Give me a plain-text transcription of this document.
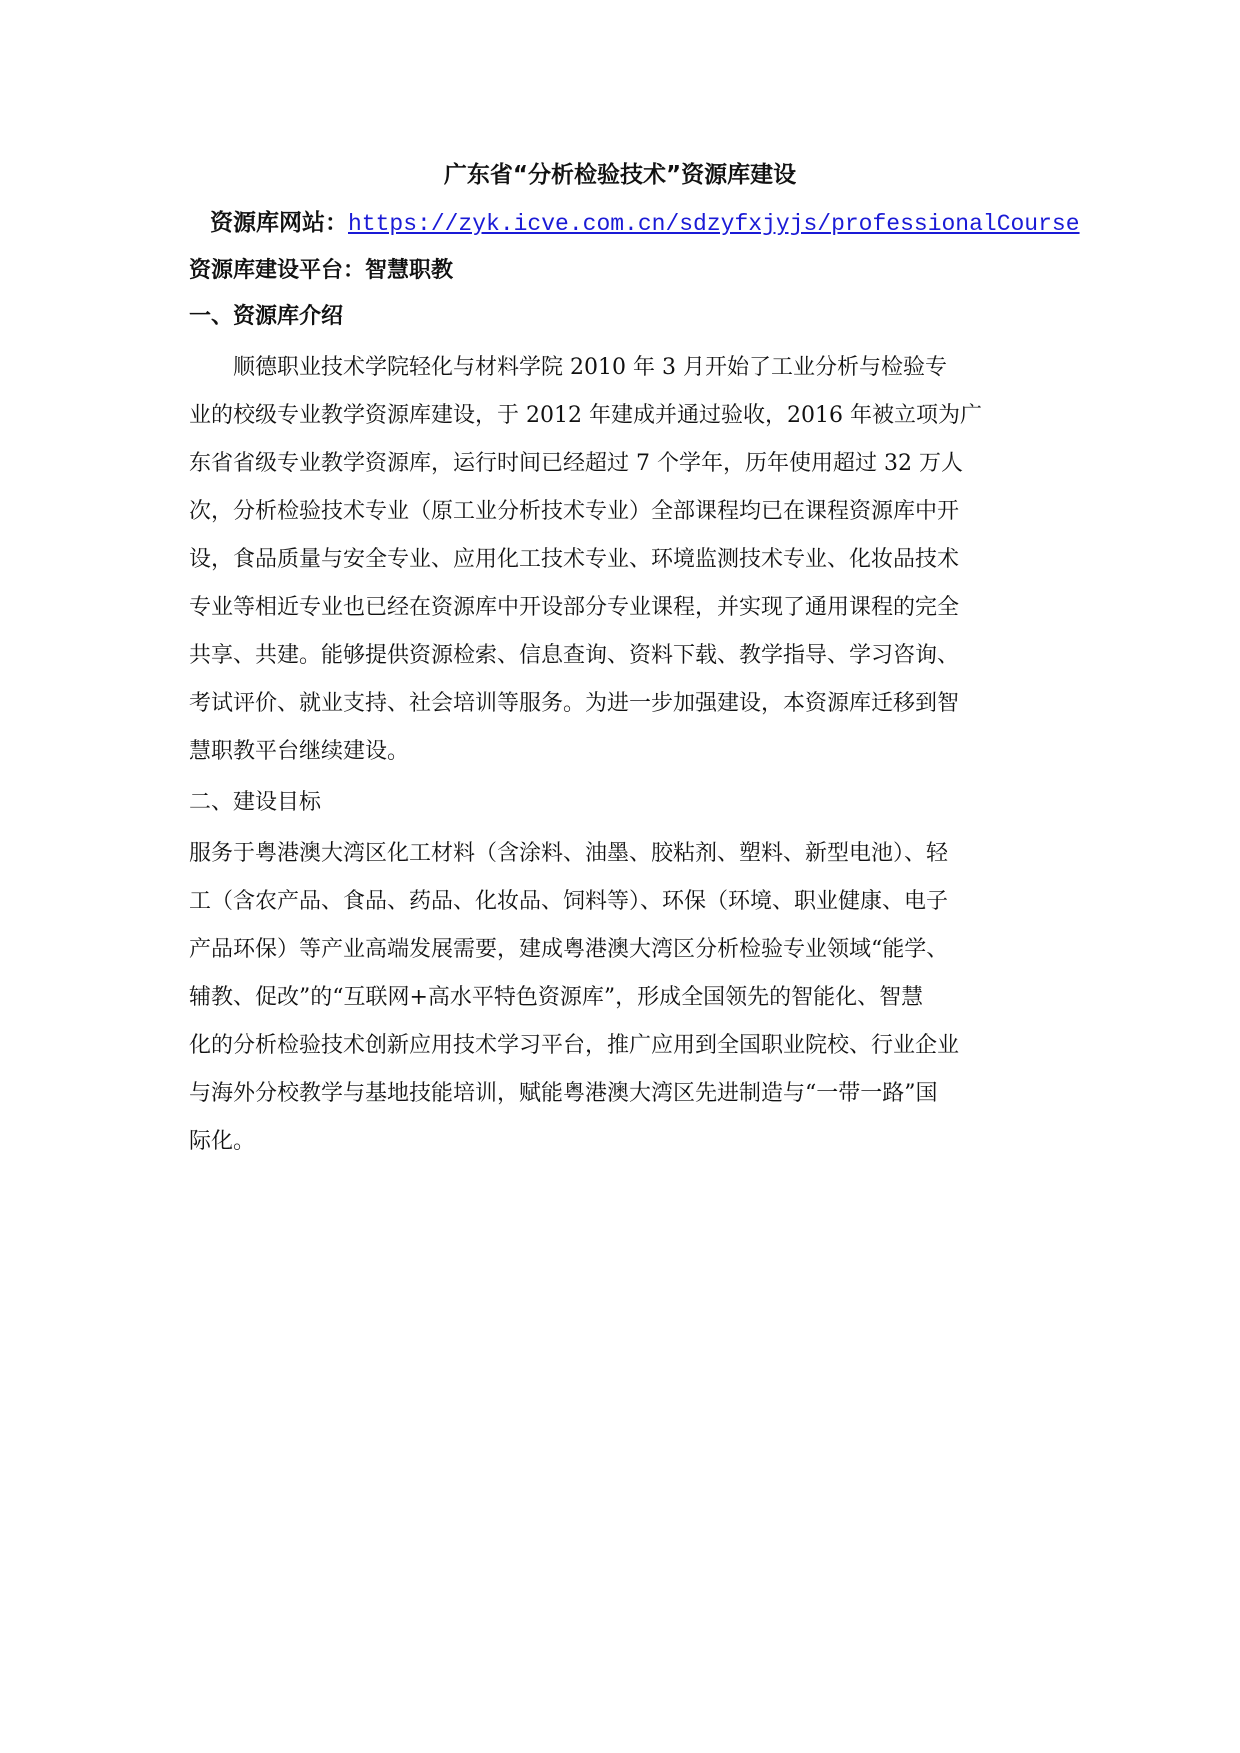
广东省“分析检验技术”资源库建设
资源库网站：https://zyk.icve.com.cn/sdzyfxjyjs/professionalCourse
资源库建设平台：智慧职教
一、资源库介绍
　　顺德职业技术学院轻化与材料学院 2010 年 3 月开始了工业分析与检验专
业的校级专业教学资源库建设，于 2012 年建成并通过验收，2016 年被立项为广
东省省级专业教学资源库，运行时间已经超过 7 个学年，历年使用超过 32 万人
次，分析检验技术专业（原工业分析技术专业）全部课程均已在课程资源库中开
设，食品质量与安全专业、应用化工技术专业、环境监测技术专业、化妆品技术
专业等相近专业也已经在资源库中开设部分专业课程，并实现了通用课程的完全
共享、共建。能够提供资源检索、信息查询、资料下载、教学指导、学习咨询、
考试评价、就业支持、社会培训等服务。为进一步加强建设，本资源库迁移到智
慧职教平台继续建设。
二、建设目标
服务于粤港澳大湾区化工材料（含涂料、油墨、胶粘剂、塑料、新型电池）、轻
工（含农产品、食品、药品、化妆品、饲料等）、环保（环境、职业健康、电子
产品环保）等产业高端发展需要，建成粤港澳大湾区分析检验专业领域“能学、
辅教、促改”的“互联网+高水平特色资源库”，形成全国领先的智能化、智慧
化的分析检验技术创新应用技术学习平台，推广应用到全国职业院校、行业企业
与海外分校教学与基地技能培训，赋能粤港澳大湾区先进制造与“一带一路”国
际化。
